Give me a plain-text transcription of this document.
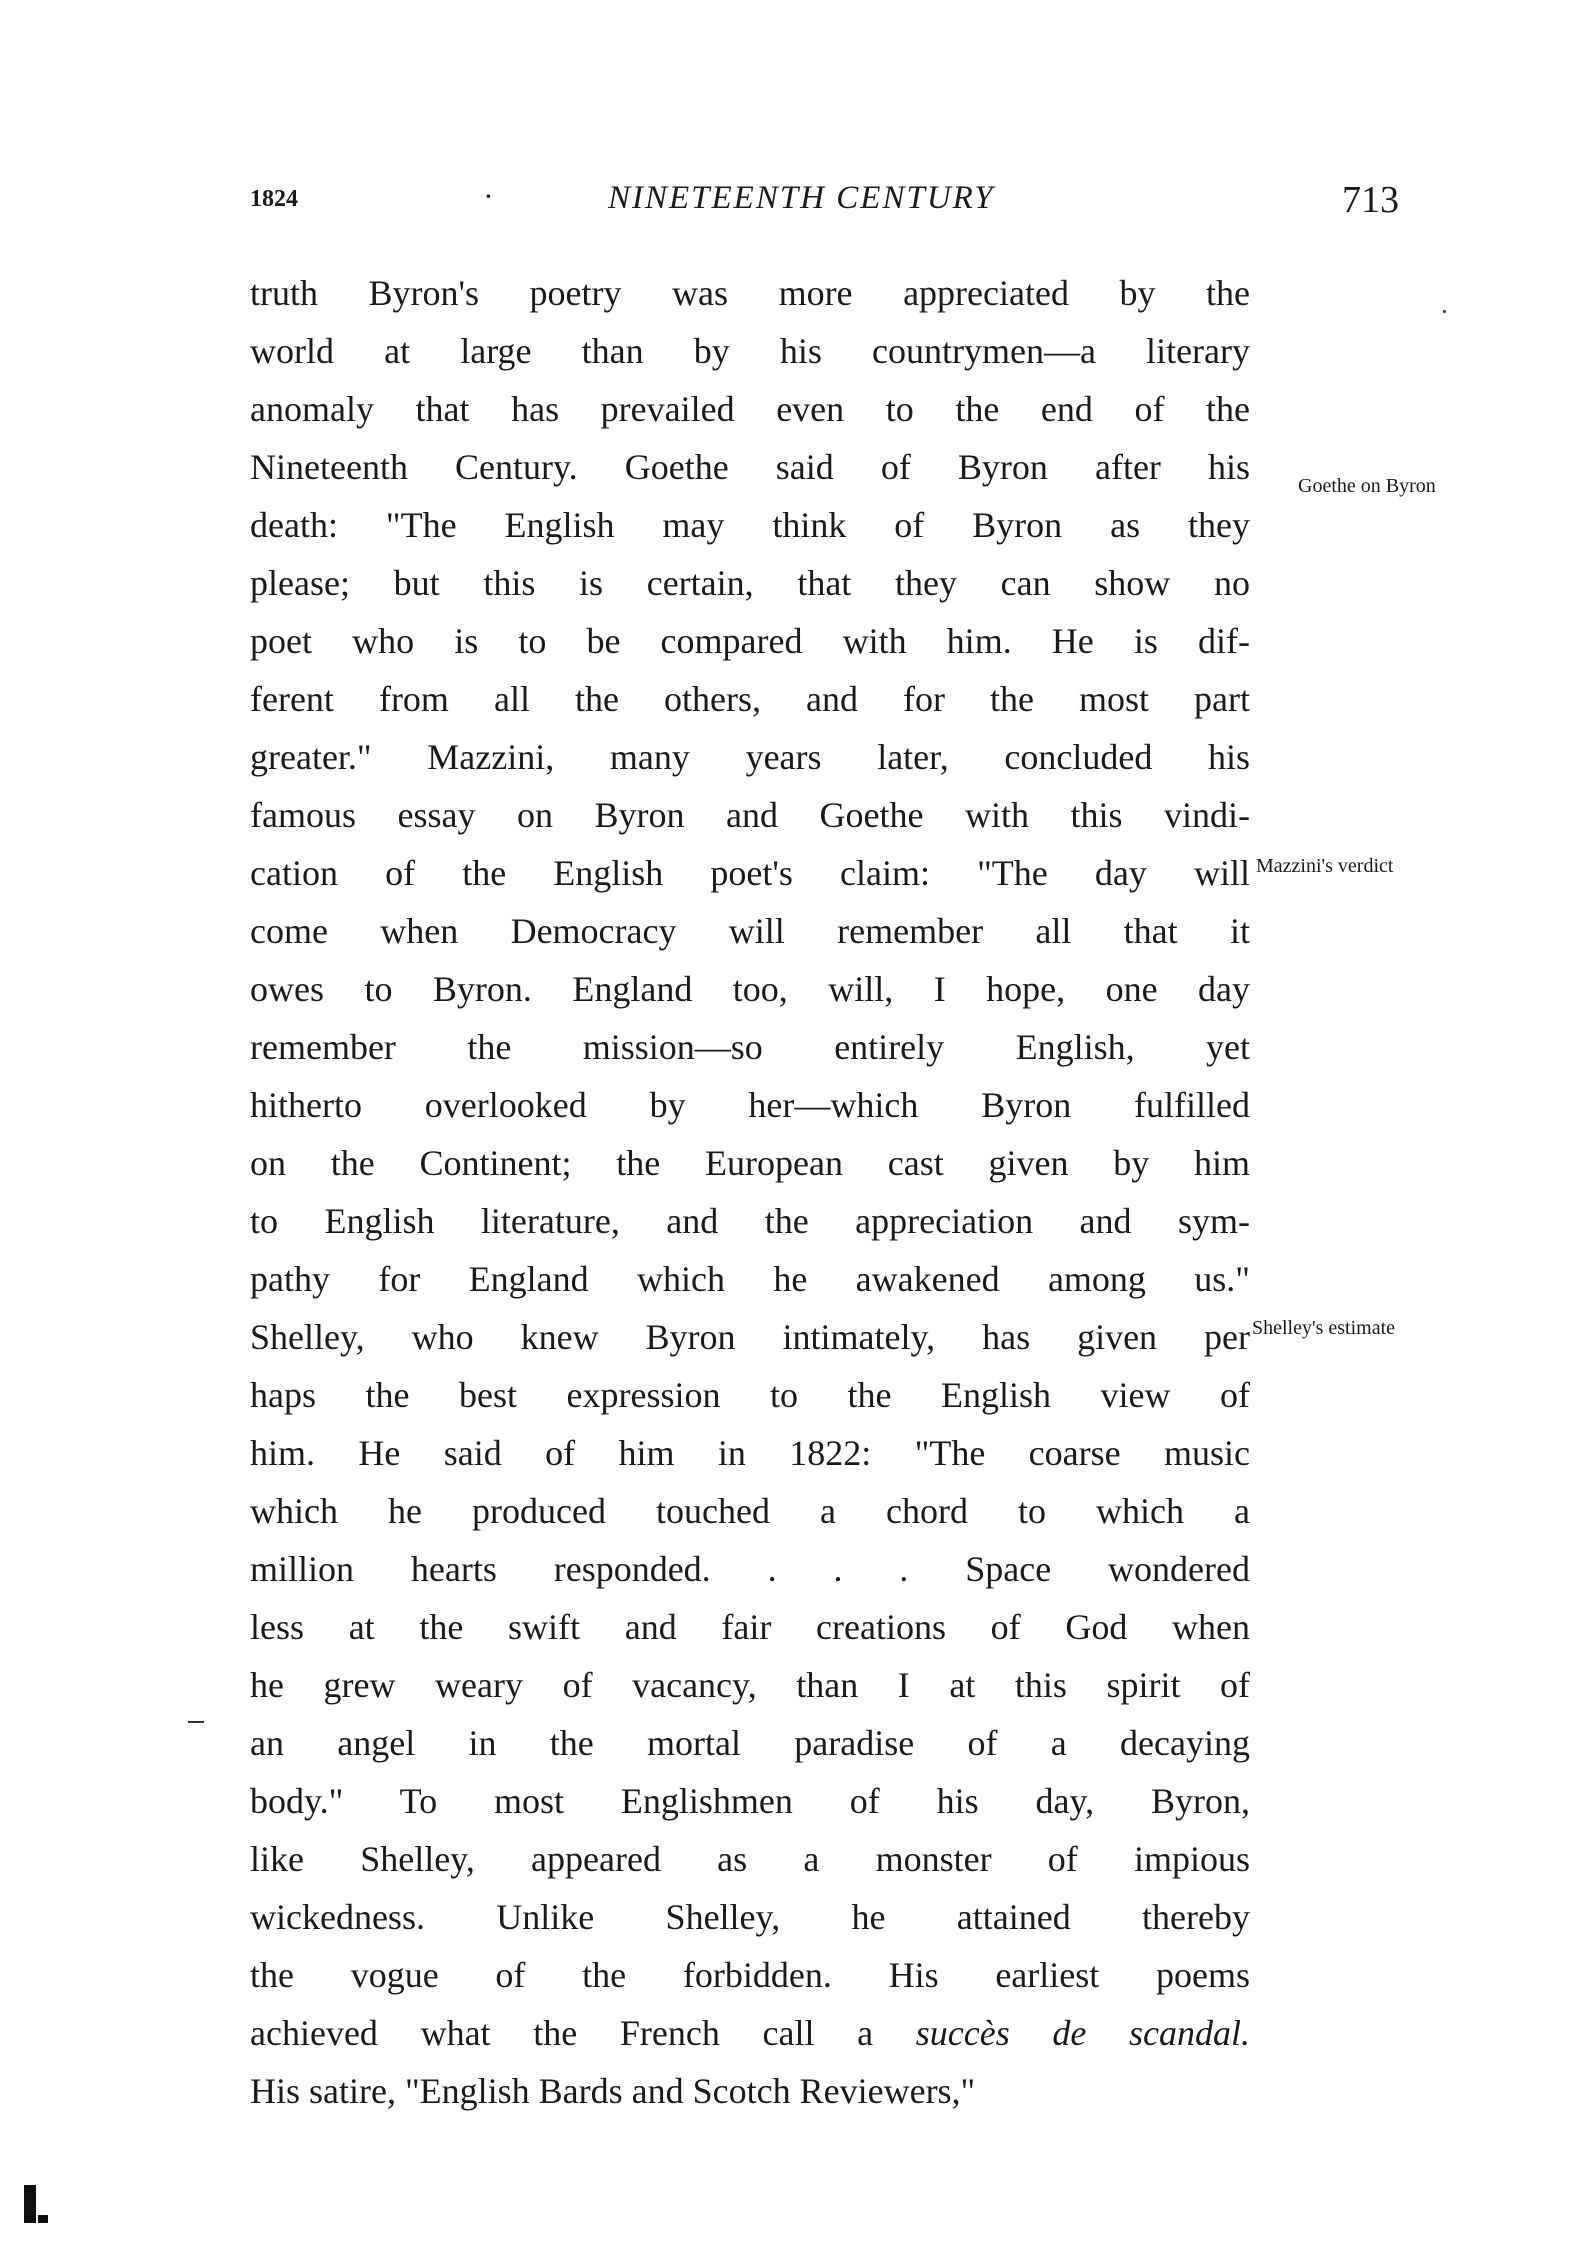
1824	·	NINETEENTH CENTURY	713
truth Byron's poetry was more appreciated by the
world at large than by his countrymen—a literary
anomaly that has prevailed even to the end of the
Nineteenth Century. Goethe said of Byron after his
death: "The English may think of Byron as they
please; but this is certain, that they can show no
poet who is to be compared with him. He is dif-
ferent from all the others, and for the most part
greater." Mazzini, many years later, concluded his
famous essay on Byron and Goethe with this vindi-
cation of the English poet's claim: "The day will
come when Democracy will remember all that it
owes to Byron. England too, will, I hope, one day
remember the mission—so entirely English, yet
hitherto overlooked by her—which Byron fulfilled
on the Continent; the European cast given by him
to English literature, and the appreciation and sym-
pathy for England which he awakened among us."
Shelley, who knew Byron intimately, has given per
haps the best expression to the English view of
him. He said of him in 1822: "The coarse music
which he produced touched a chord to which a
million hearts responded. . . . Space wondered
less at the swift and fair creations of God when
he grew weary of vacancy, than I at this spirit of
an angel in the mortal paradise of a decaying
body." To most Englishmen of his day, Byron,
like Shelley, appeared as a monster of impious
wickedness. Unlike Shelley, he attained thereby
the vogue of the forbidden. His earliest poems
achieved what the French call a succès de scandal.
His satire, "English Bards and Scotch Reviewers,"
Goethe on Byron
Mazzini's verdict
Shelley's estimate
